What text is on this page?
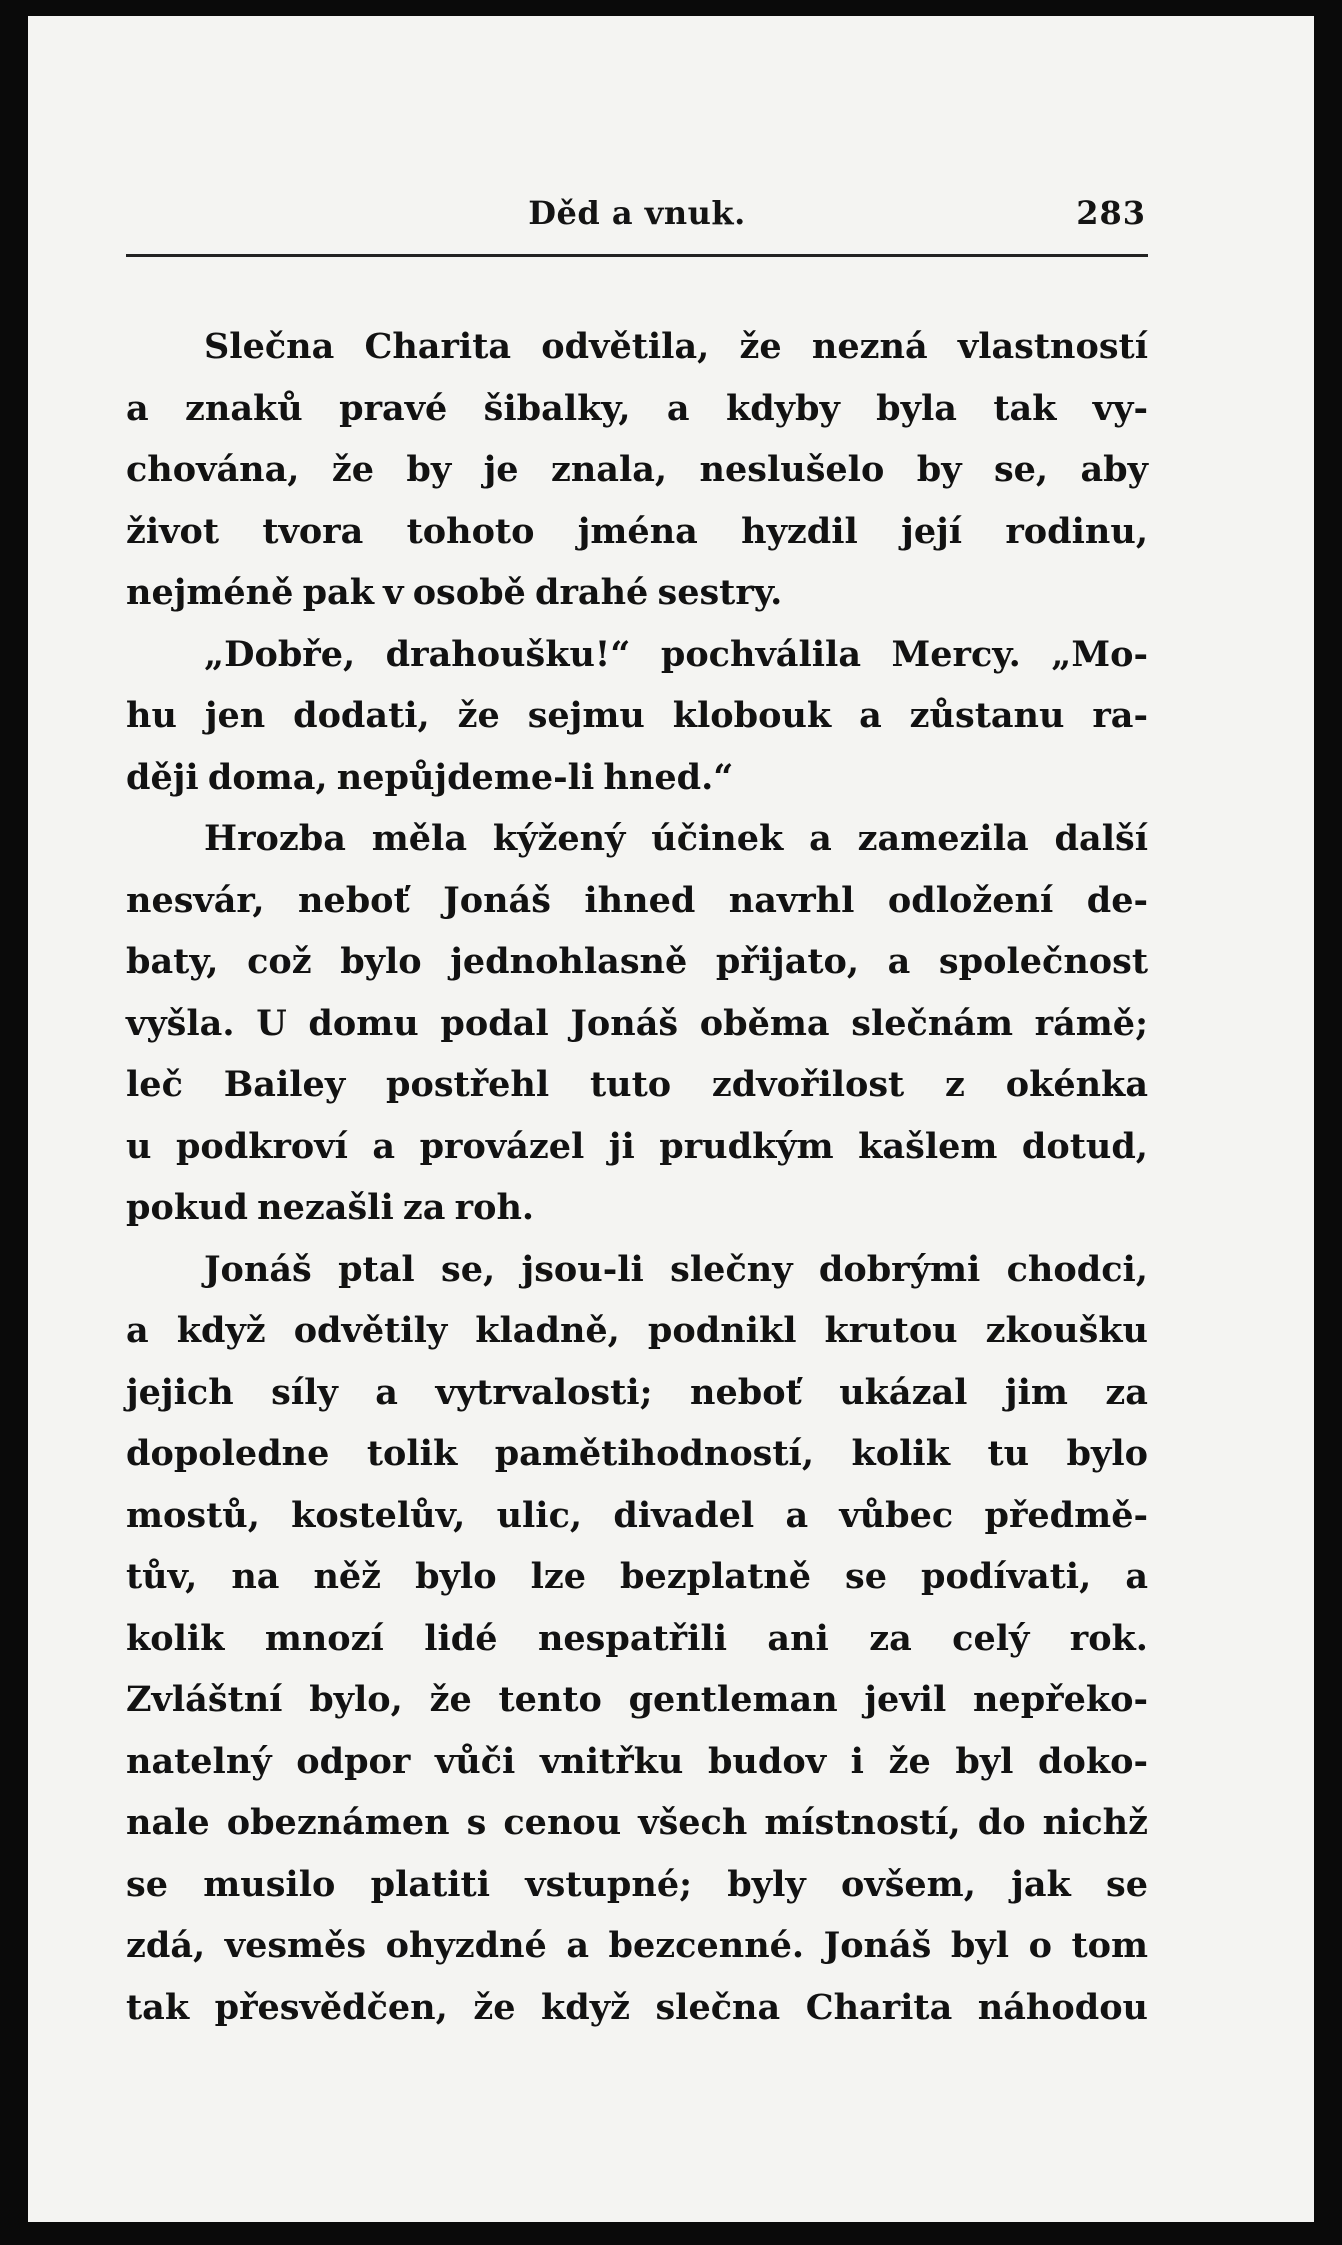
Děd a vnuk.	283
Slečna Charita odvětila, že nezná vlastností
a znaků pravé šibalky, a kdyby byla tak vy-
chována, že by je znala, neslušelo by se, aby
život tvora tohoto jména hyzdil její rodinu,
nejméně pak v osobě drahé sestry.
„Dobře, drahoušku!“ pochválila Mercy. „Mo-
hu jen dodati, že sejmu klobouk a zůstanu ra-
ději doma, nepůjdeme-li hned.“
Hrozba měla kýžený účinek a zamezila další
nesvár, neboť Jonáš ihned navrhl odložení de-
baty, což bylo jednohlasně přijato, a společnost
vyšla. U domu podal Jonáš oběma slečnám rámě;
leč Bailey postřehl tuto zdvořilost z okénka
u podkroví a provázel ji prudkým kašlem dotud,
pokud nezašli za roh.
Jonáš ptal se, jsou-li slečny dobrými chodci,
a když odvětily kladně, podnikl krutou zkoušku
jejich síly a vytrvalosti; neboť ukázal jim za
dopoledne tolik pamětihodností, kolik tu bylo
mostů, kostelův, ulic, divadel a vůbec předmě-
tův, na něž bylo lze bezplatně se podívati, a
kolik mnozí lidé nespatřili ani za celý rok.
Zvláštní bylo, že tento gentleman jevil nepřeko-
natelný odpor vůči vnitřku budov i že byl doko-
nale obeznámen s cenou všech místností, do nichž
se musilo platiti vstupné; byly ovšem, jak se
zdá, vesměs ohyzdné a bezcenné. Jonáš byl o tom
tak přesvědčen, že když slečna Charita náhodou
